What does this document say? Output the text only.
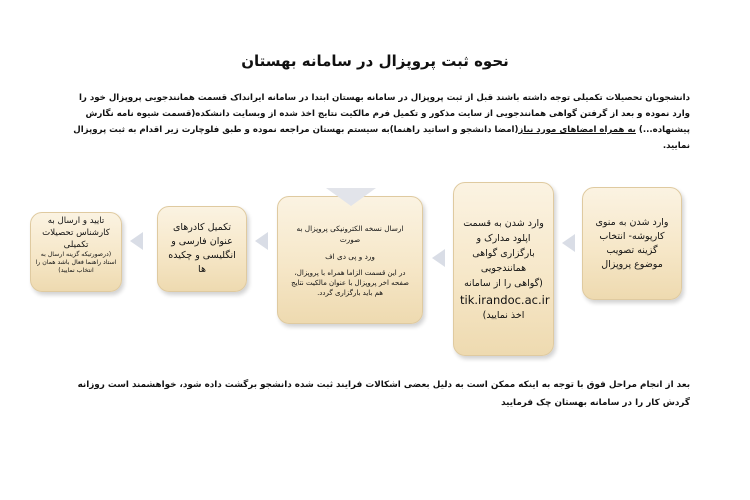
نحوه ثبت پروپزال در سامانه بهستان
دانشجویان تحصیلات تکمیلی توجه داشته باشند قبل از ثبت پروپزال در سامانه بهستان ابتدا در سامانه ایرانداک قسمت همانندجویی پروپزال خود را وارد نموده و بعد از گرفتن گواهی همانندجویی از سایت مذکور و تکمیل فرم مالکیت نتایج اخذ شده از وبسایت دانشکده(قسمت شیوه نامه نگارش پیشنهاده...) به همراه امضاهای مورد نیاز(امضا دانشجو و اساتید راهنما)به سیستم بهستان مراجعه نموده و طبق فلوچارت زیر اقدام به ثبت پروپزال نمایید.
وارد شدن به منوی کارپوشه- انتخاب گزینه تصویب موضوع پروپزال
وارد شدن به قسمت اپلود مدارک و بارگزاری گواهی همانندجویی
(گواهی را از سامانه
tik.irandoc.ac.ir
اخذ نمایید)

ارسال نسخه الکترونیکی پروپزال به صورت

ورد و پی دی اف

در این قسمت الزاما همراه با پروپزال، صفحه اخر پروپزال با عنوان مالکیت نتایج هم باید بارگزاری گردد.

تکمیل کادرهای عنوان فارسی و انگلیسی و چکیده ها
تایید و ارسال به کارشناس تحصیلات تکمیلی
(درصورتیکه گزینه ارسال به استاد راهنما فعال باشد همان را انتخاب نمایید)
بعد از انجام مراحل فوق با توجه به اینکه ممکن است به دلیل بعضی اشکالات فرایند ثبت شده دانشجو برگشت داده شود، خواهشمند است روزانه گردش کار را در سامانه بهستان چک فرمایید
